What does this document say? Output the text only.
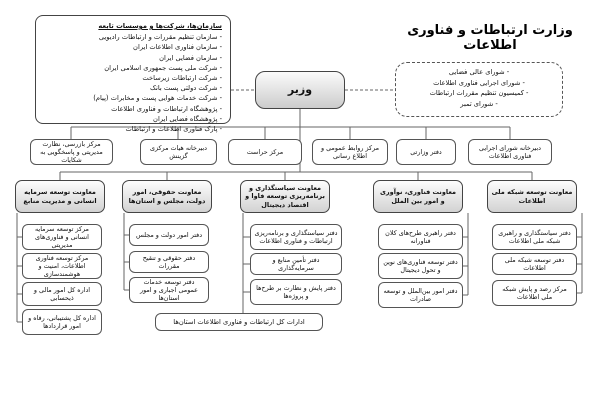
وزارت ارتباطات و فناوری اطلاعات
سازمان‌ها، شرکت‌ها و موسسات تابعه
- سازمان تنظیم مقررات و ارتباطات رادیویی
- سازمان فناوری اطلاعات ایران
- سازمان فضایی ایران
- شرکت ملی پست جمهوری اسلامی ایران
- شرکت ارتباطات زیرساخت
- شرکت دولتی پست بانک
- شرکت خدمات هوایی پست و مخابرات (پیام)
- پژوهشگاه ارتباطات و فناوری اطلاعات
- پژوهشگاه فضایی ایران
- پارک فناوری اطلاعات و ارتباطات
- شورای عالی فضایی
- شورای اجرایی فناوری اطلاعات
- کمیسیون تنظیم مقررات ارتباطات
- شورای تمبر
وزیر
مرکز بازرسی، نظارت مدیریتی و پاسخگویی به شکایات
دبیرخانه هیات مرکزی گزینش
مرکز حراست
مرکز روابط عمومی و اطلاع رسانی
دفتر وزارتی
دبیرخانه شورای اجرایی فناوری اطلاعات
معاونت توسعه سرمایه انسانی و مدیریت منابع
معاونت حقوقی، امور دولت، مجلس و استان‌ها
معاونت سیاستگذاری و برنامه‌ریزی توسعه فاوا و اقتصاد دیجیتال
معاونت فناوری، نوآوری و امور بین الملل
معاونت توسعه شبکه ملی اطلاعات
مرکز توسعه سرمایه انسانی و فناوری‌های مدیریتی
مرکز توسعه فناوری اطلاعات، امنیت و هوشمندسازی
اداره کل امور مالی و ذیحسابی
اداره کل پشتیبانی، رفاه و امور قراردادها
دفتر امور دولت و مجلس
دفتر حقوقی و تنقیح مقررات
دفتر توسعه خدمات عمومی اجباری و امور استان‌ها
دفتر سیاستگذاری و برنامه‌ریزی ارتباطات و فناوری اطلاعات
دفتر تأمین منابع و سرمایه‌گذاری
دفتر پایش و نظارت بر طرح‌ها و پروژه‌ها
دفتر راهبری طرح‌های کلان فناورانه
دفتر توسعه فناوری‌های نوین و تحول دیجیتال
دفتر امور بین‌الملل و توسعه صادرات
دفتر سیاستگذاری و راهبری شبکه ملی اطلاعات
دفتر توسعه شبکه ملی اطلاعات
مرکز رصد و پایش شبکه ملی اطلاعات
ادارات کل ارتباطات و فناوری اطلاعات استان‌ها
